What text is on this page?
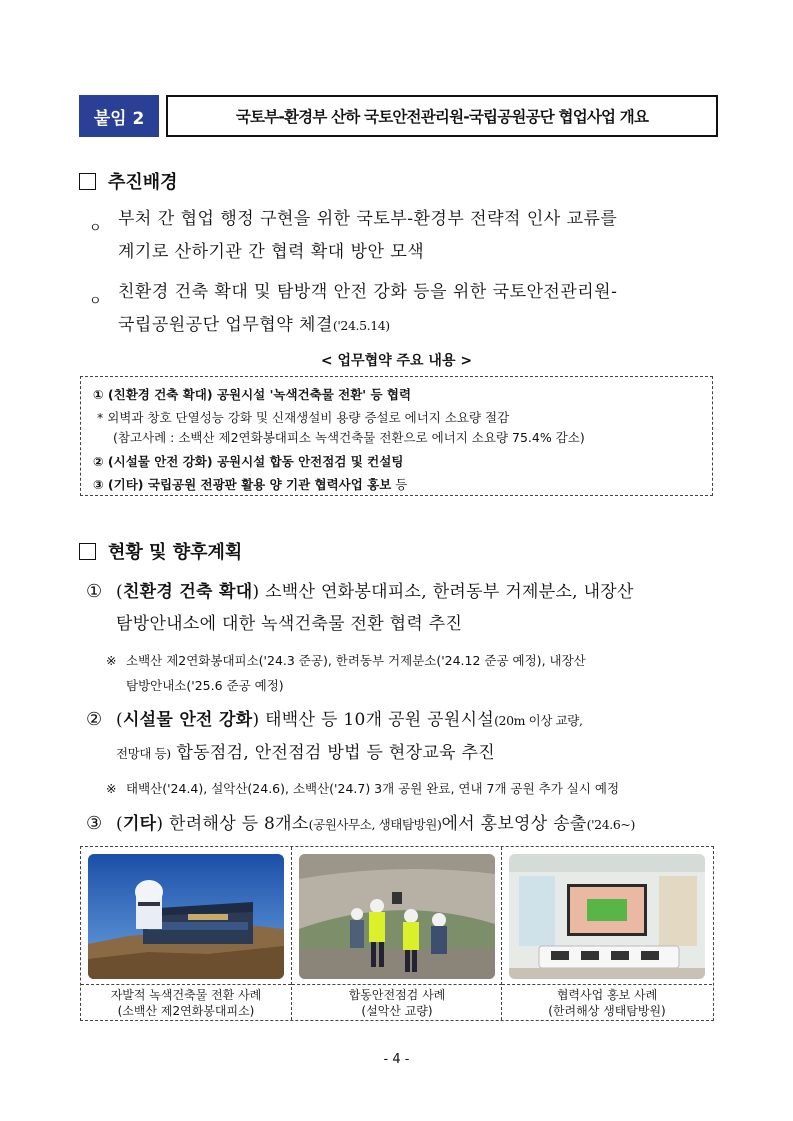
붙임 2	국토부-환경부 산하 국토안전관리원-국립공원공단 협업사업 개요
추진배경
ㅇ 부처 간 협업 행정 구현을 위한 국토부-환경부 전략적 인사 교류를
계기로 산하기관 간 협력 확대 방안 모색
ㅇ 친환경 건축 확대 및 탐방객 안전 강화 등을 위한 국토안전관리원-
국립공원공단 업무협약 체결('24.5.14)
< 업무협약 주요 내용 >
① (친환경 건축 확대) 공원시설 '녹색건축물 전환' 등 협력
* 외벽과 창호 단열성능 강화 및 신재생설비 용량 증설로 에너지 소요량 절감
(참고사례 : 소백산 제2연화봉대피소 녹색건축물 전환으로 에너지 소요량 75.4% 감소)
② (시설물 안전 강화) 공원시설 합동 안전점검 및 컨설팅
③ (기타) 국립공원 전광판 활용 양 기관 협력사업 홍보 등
현황 및 향후계획
① (친환경 건축 확대) 소백산 연화봉대피소, 한려동부 거제분소, 내장산
탐방안내소에 대한 녹색건축물 전환 협력 추진
※ 소백산 제2연화봉대피소('24.3 준공), 한려동부 거제분소('24.12 준공 예정), 내장산
탐방안내소('25.6 준공 예정)
② (시설물 안전 강화) 태백산 등 10개 공원 공원시설(20m 이상 교량,
전망대 등) 합동점검, 안전점검 방법 등 현장교육 추진
※ 태백산('24.4), 설악산(24.6), 소백산('24.7) 3개 공원 완료, 연내 7개 공원 추가 실시 예정
③ (기타) 한려해상 등 8개소(공원사무소, 생태탐방원)에서 홍보영상 송출('24.6~)
자발적 녹색건축물 전환 사례
(소백산 제2연화봉대피소)
합동안전점검 사례
(설악산 교량)
협력사업 홍보 사례
(한려해상 생태탐방원)
- 4 -
